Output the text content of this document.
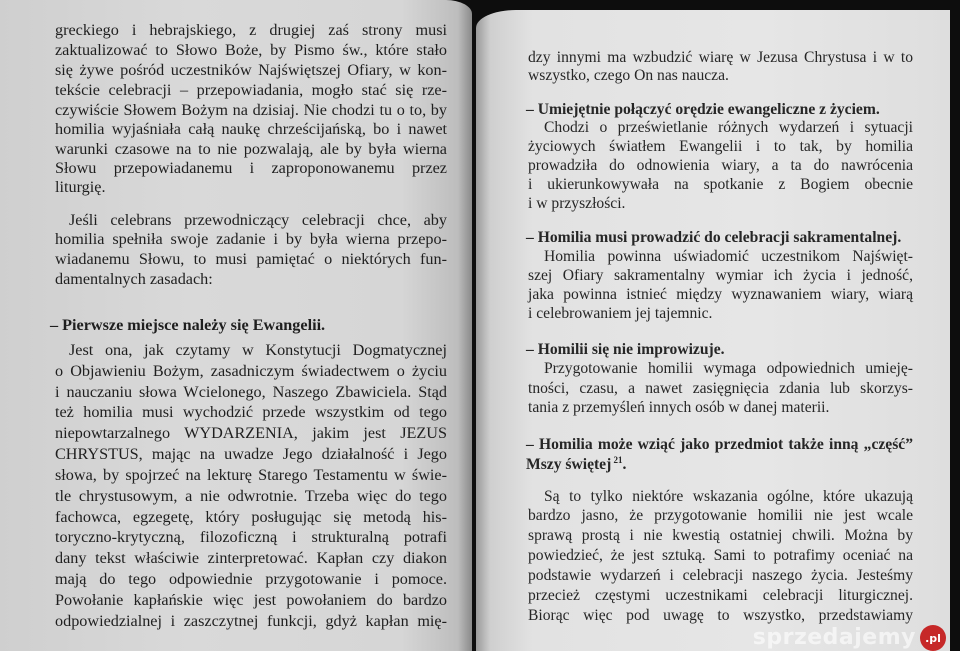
greckiego i hebrajskiego, z drugiej zaś strony musi
zaktualizować to Słowo Boże, by Pismo św., które stało
się żywe pośród uczestników Najświętszej Ofiary, w kon-
tekście celebracji – przepowiadania, mogło stać się rze-
czywiście Słowem Bożym na dzisiaj. Nie chodzi tu o to, by
homilia wyjaśniała całą naukę chrześcijańską, bo i nawet
warunki czasowe na to nie pozwalają, ale by była wierna
Słowu przepowiadanemu i zaproponowanemu przez
liturgię.
Jeśli celebrans przewodniczący celebracji chce, aby
homilia spełniła swoje zadanie i by była wierna przepo-
wiadanemu Słowu, to musi pamiętać o niektórych fun-
damentalnych zasadach:
– Pierwsze miejsce należy się Ewangelii.
Jest ona, jak czytamy w Konstytucji Dogmatycznej
o Objawieniu Bożym, zasadniczym świadectwem o życiu
i nauczaniu słowa Wcielonego, Naszego Zbawiciela. Stąd
też homilia musi wychodzić przede wszystkim od tego
niepowtarzalnego WYDARZENIA, jakim jest JEZUS
CHRYSTUS, mając na uwadze Jego działalność i Jego
słowa, by spojrzeć na lekturę Starego Testamentu w świe-
tle chrystusowym, a nie odwrotnie. Trzeba więc do tego
fachowca, egzegetę, który posługując się metodą his-
toryczno-krytyczną, filozoficzną i strukturalną potrafi
dany tekst właściwie zinterpretować. Kapłan czy diakon
mają do tego odpowiednie przygotowanie i pomoce.
Powołanie kapłańskie więc jest powołaniem do bardzo
odpowiedzialnej i zaszczytnej funkcji, gdyż kapłan mię-
dzy innymi ma wzbudzić wiarę w Jezusa Chrystusa i w to
wszystko, czego On nas naucza.
– Umiejętnie połączyć orędzie ewangeliczne z życiem.
Chodzi o prześwietlanie różnych wydarzeń i sytuacji
życiowych światłem Ewangelii i to tak, by homilia
prowadziła do odnowienia wiary, a ta do nawrócenia
i ukierunkowywała na spotkanie z Bogiem obecnie
i w przyszłości.
– Homilia musi prowadzić do celebracji sakramentalnej.
Homilia powinna uświadomić uczestnikom Najświęt-
szej Ofiary sakramentalny wymiar ich życia i jedność,
jaka powinna istnieć między wyznawaniem wiary, wiarą
i celebrowaniem jej tajemnic.
– Homilii się nie improwizuje.
Przygotowanie homilii wymaga odpowiednich umieję-
tności, czasu, a nawet zasięgnięcia zdania lub skorzys-
tania z przemyśleń innych osób w danej materii.
– Homilia może wziąć jako przedmiot także inną „część”
Mszy świętej $^{21}$.
Są to tylko niektóre wskazania ogólne, które ukazują
bardzo jasno, że przygotowanie homilii nie jest wcale
sprawą prostą i nie kwestią ostatniej chwili. Można by
powiedzieć, że jest sztuką. Sami to potrafimy oceniać na
podstawie wydarzeń i celebracji naszego życia. Jesteśmy
przecież częstymi uczestnikami celebracji liturgicznej.
Biorąc więc pod uwagę to wszystko, przedstawiamy
sprzedajemy .pl
